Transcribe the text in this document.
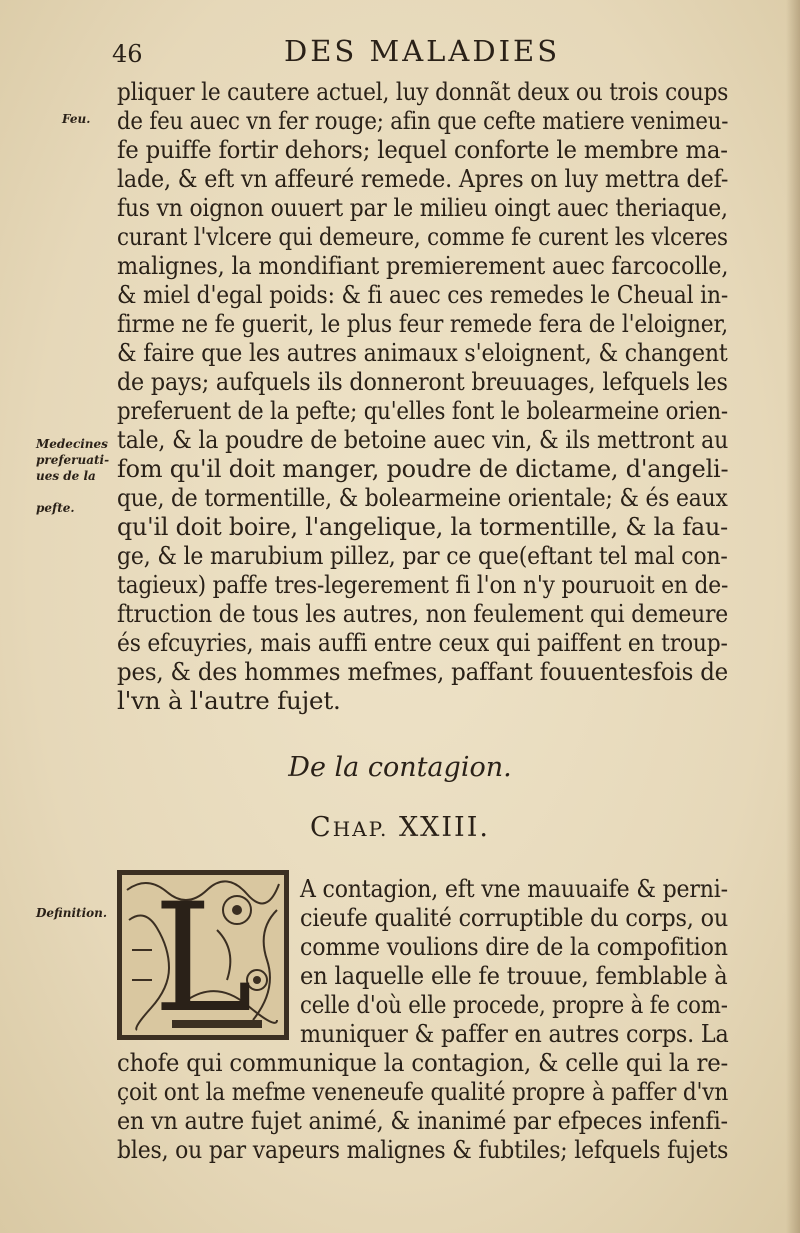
46	DES MALADIES
Feu.
Medecines
preferuati-
ues de la
pefte.
Definition.
pliquer le cautere actuel, luy donnãt deux ou trois coups
de feu auec vn fer rouge; afin que cefte matiere venimeu-
fe puiffe fortir dehors; lequel conforte le membre ma-
lade, & eft vn affeuré remede. Apres on luy mettra def-
fus vn oignon ouuert par le milieu oingt auec theriaque,
curant l'vlcere qui demeure, comme fe curent les vlceres
malignes, la mondifiant premierement auec farcocolle,
& miel d'egal poids: & fi auec ces remedes le Cheual in-
firme ne fe guerit, le plus feur remede fera de l'eloigner,
& faire que les autres animaux s'eloignent, & changent
de pays; aufquels ils donneront breuuages, lefquels les
preferuent de la pefte; qu'elles font le bolearmeine orien-
tale, & la poudre de betoine auec vin, & ils mettront au
fom qu'il doit manger, poudre de dictame, d'angeli-
que, de tormentille, & bolearmeine orientale; & és eaux
qu'il doit boire, l'angelique, la tormentille, & la fau-
ge, & le marubium pillez, par ce que(eftant tel mal con-
tagieux) paffe tres-legerement fi l'on n'y pouruoit en de-
ftruction de tous les autres, non feulement qui demeure
és efcuyries, mais auffi entre ceux qui paiffent en troup-
pes, & des hommes mefmes, paffant fouuentesfois de
l'vn à l'autre fujet.
De la contagion.
CHAP. XXIII.
L A contagion, eft vne mauuaife & perni-
cieufe qualité corruptible du corps, ou
comme voulions dire de la compofition
en laquelle elle fe trouue, femblable à
celle d'où elle procede, propre à fe com-
muniquer & paffer en autres corps. La
chofe qui communique la contagion, & celle qui la re-
çoit ont la mefme veneneufe qualité propre à paffer d'vn
en vn autre fujet animé, & inanimé par efpeces infenfi-
bles, ou par vapeurs malignes & fubtiles; lefquels fujets
